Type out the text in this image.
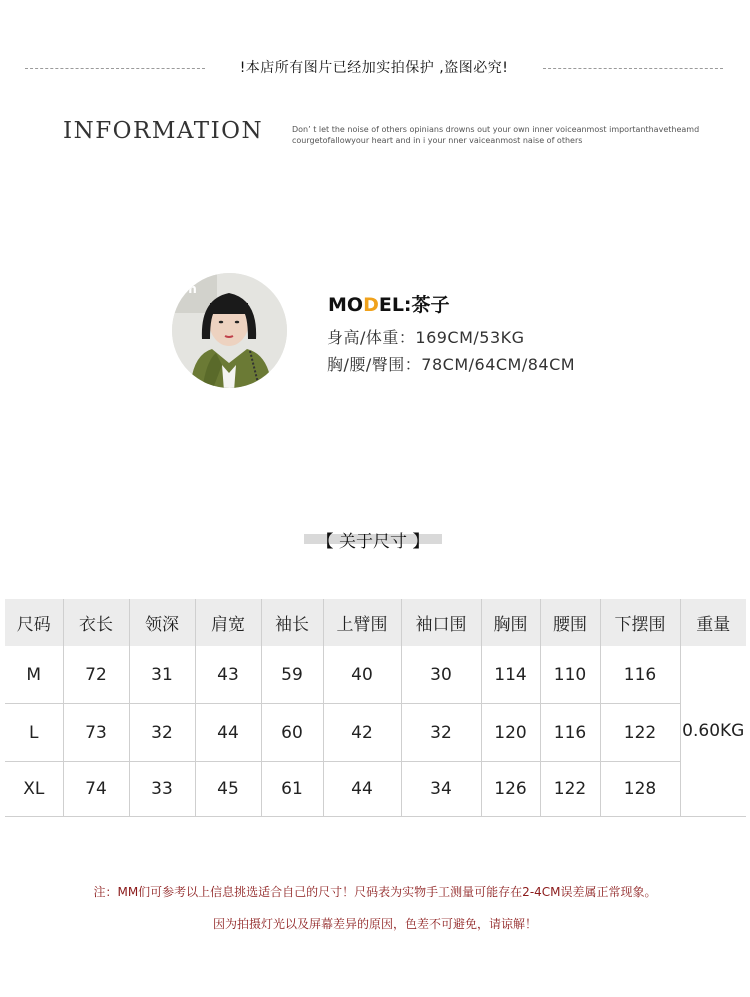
!本店所有图片已经加实拍保护 ,盗图必究!
INFORMATION	Don’ t let the noise of others opinians drowns out your own inner voiceanmost importanthavetheamd
courgetofallowyour heart and in i your nner vaiceanmost naise of others
on
MODEL:茶子
身高/体重：169CM/53KG
胸/腰/臀围：78CM/64CM/84CM
【 关于尺寸 】
尺码	衣长	领深	肩宽	袖长	上臂围	袖口围	胸围	腰围	下摆围	重量
M	72	31	43	59	40	30	114	110	116	0.60KG
L	73	32	44	60	42	32	120	116	122	
XL	74	33	45	61	44	34	126	122	128	
注：MM们可参考以上信息挑选适合自己的尺寸！尺码表为实物手工测量可能存在2-4CM误差属正常现象。
因为拍摄灯光以及屏幕差异的原因，色差不可避免，请谅解！
